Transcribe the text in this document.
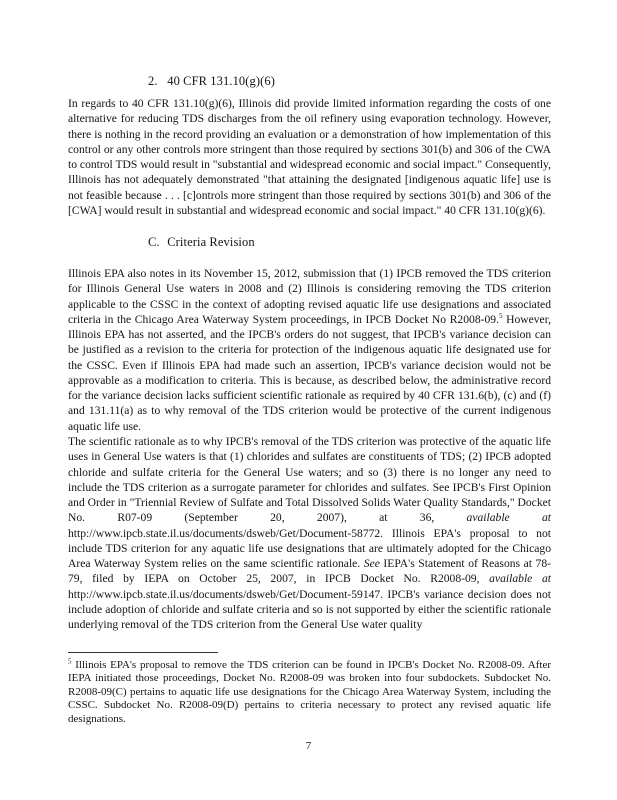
2. 40 CFR 131.10(g)(6)

In regards to 40 CFR 131.10(g)(6), Illinois did provide limited information regarding the costs of one alternative for reducing TDS discharges from the oil refinery using evaporation technology. However, there is nothing in the record providing an evaluation or a demonstration of how implementation of this control or any other controls more stringent than those required by sections 301(b) and 306 of the CWA to control TDS would result in "substantial and widespread economic and social impact." Consequently, Illinois has not adequately demonstrated "that attaining the designated [indigenous aquatic life] use is not feasible because . . . [c]ontrols more stringent than those required by sections 301(b) and 306 of the [CWA] would result in substantial and widespread economic and social impact." 40 CFR 131.10(g)(6).

C. Criteria Revision

Illinois EPA also notes in its November 15, 2012, submission that (1) IPCB removed the TDS criterion for Illinois General Use waters in 2008 and (2) Illinois is considering removing the TDS criterion applicable to the CSSC in the context of adopting revised aquatic life use designations and associated criteria in the Chicago Area Waterway System proceedings, in IPCB Docket No R2008-09.$^5$ However, Illinois EPA has not asserted, and the IPCB's orders do not suggest, that IPCB's variance decision can be justified as a revision to the criteria for protection of the indigenous aquatic life designated use for the CSSC. Even if Illinois EPA had made such an assertion, IPCB's variance decision would not be approvable as a modification to criteria. This is because, as described below, the administrative record for the variance decision lacks sufficient scientific rationale as required by 40 CFR 131.6(b), (c) and (f) and 131.11(a) as to why removal of the TDS criterion would be protective of the current indigenous aquatic life use.

The scientific rationale as to why IPCB's removal of the TDS criterion was protective of the aquatic life uses in General Use waters is that (1) chlorides and sulfates are constituents of TDS; (2) IPCB adopted chloride and sulfate criteria for the General Use waters; and so (3) there is no longer any need to include the TDS criterion as a surrogate parameter for chlorides and sulfates. See IPCB's First Opinion and Order in "Triennial Review of Sulfate and Total Dissolved Solids Water Quality Standards," Docket No. R07-09 (September 20, 2007), at 36, available at http://www.ipcb.state.il.us/documents/dsweb/Get/Document-58772. Illinois EPA's proposal to not include TDS criterion for any aquatic life use designations that are ultimately adopted for the Chicago Area Waterway System relies on the same scientific rationale. See IEPA's Statement of Reasons at 78-79, filed by IEPA on October 25, 2007, in IPCB Docket No. R2008-09, available at http://www.ipcb.state.il.us/documents/dsweb/Get/Document-59147. IPCB's variance decision does not include adoption of chloride and sulfate criteria and so is not supported by either the scientific rationale underlying removal of the TDS criterion from the General Use water quality

$^5$ Illinois EPA's proposal to remove the TDS criterion can be found in IPCB's Docket No. R2008-09. After IEPA initiated those proceedings, Docket No. R2008-09 was broken into four subdockets. Subdocket No. R2008-09(C) pertains to aquatic life use designations for the Chicago Area Waterway System, including the CSSC. Subdocket No. R2008-09(D) pertains to criteria necessary to protect any revised aquatic life designations.

7
